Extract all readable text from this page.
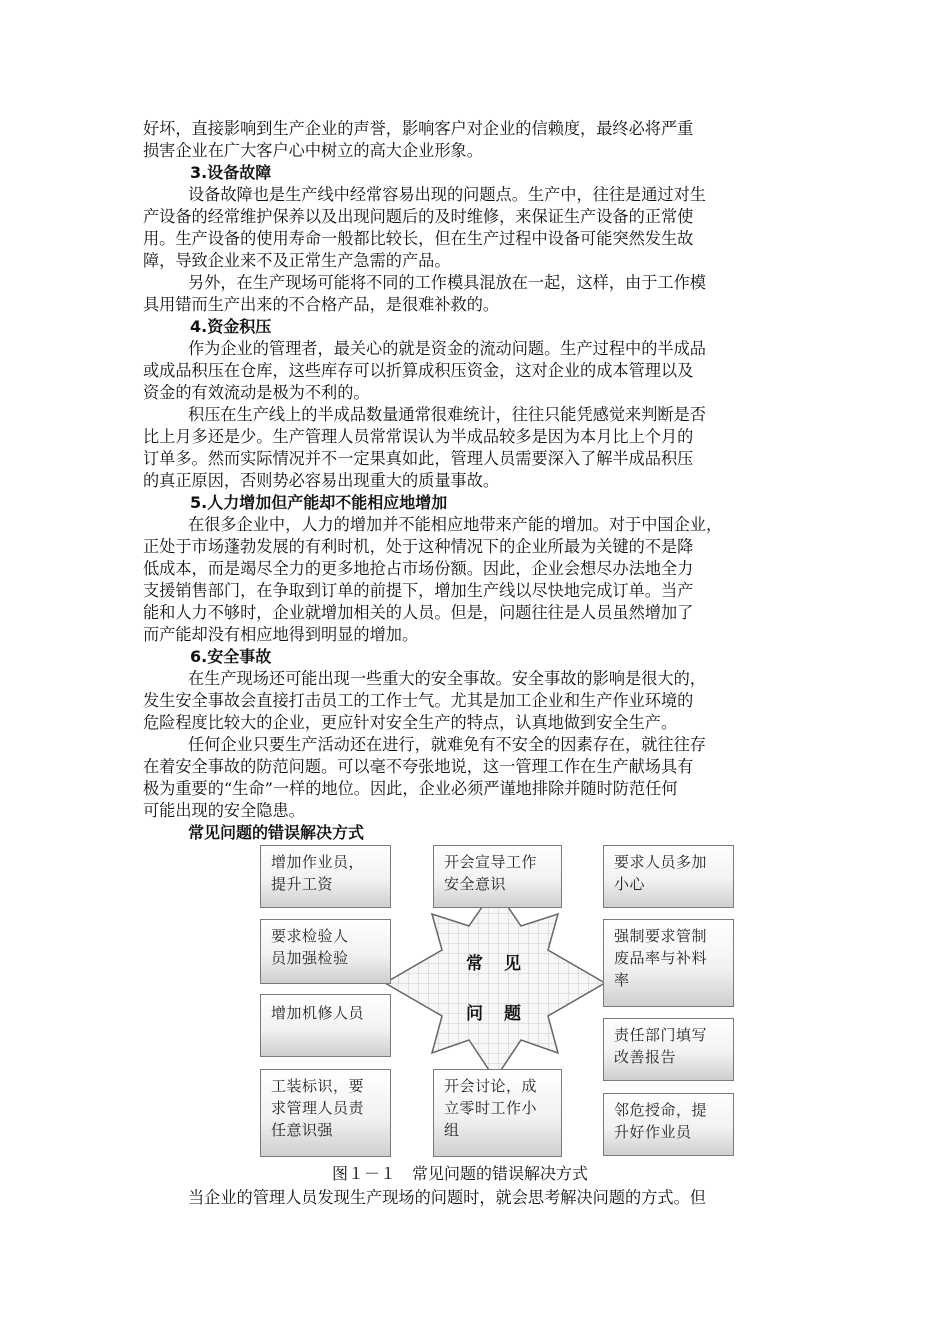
好坏，直接影响到生产企业的声誉，影响客户对企业的信赖度，最终必将严重
损害企业在广大客户心中树立的高大企业形象。
3.设备故障
设备故障也是生产线中经常容易出现的问题点。生产中，往往是通过对生
产设备的经常维护保养以及出现问题后的及时维修，来保证生产设备的正常使
用。生产设备的使用寿命一般都比较长，但在生产过程中设备可能突然发生故
障，导致企业来不及正常生产急需的产品。
另外，在生产现场可能将不同的工作模具混放在一起，这样，由于工作模
具用错而生产出来的不合格产品，是很难补救的。
4.资金积压
作为企业的管理者，最关心的就是资金的流动问题。生产过程中的半成品
或成品积压在仓库，这些库存可以折算成积压资金，这对企业的成本管理以及
资金的有效流动是极为不利的。
积压在生产线上的半成品数量通常很难统计，往往只能凭感觉来判断是否
比上月多还是少。生产管理人员常常误认为半成品较多是因为本月比上个月的
订单多。然而实际情况并不一定果真如此，管理人员需要深入了解半成品积压
的真正原因，否则势必容易出现重大的质量事故。
5.人力增加但产能却不能相应地增加
在很多企业中，人力的增加并不能相应地带来产能的增加。对于中国企业，
正处于市场蓬勃发展的有利时机，处于这种情况下的企业所最为关键的不是降
低成本，而是竭尽全力的更多地抢占市场份额。因此，企业会想尽办法地全力
支援销售部门，在争取到订单的前提下，增加生产线以尽快地完成订单。当产
能和人力不够时，企业就增加相关的人员。但是，问题往往是人员虽然增加了
而产能却没有相应地得到明显的增加。
6.安全事故
在生产现场还可能出现一些重大的安全事故。安全事故的影响是很大的，
发生安全事故会直接打击员工的工作士气。尤其是加工企业和生产作业环境的
危险程度比较大的企业，更应针对安全生产的特点，认真地做到安全生产。
任何企业只要生产活动还在进行，就难免有不安全的因素存在，就往往存
在着安全事故的防范问题。可以毫不夸张地说，这一管理工作在生产献场具有
极为重要的“生命”一样的地位。因此，企业必须严谨地排除并随时防范任何
可能出现的安全隐患。
常见问题的错误解决方式
常 见
问 题
增加作业员，
提升工资
开会宣导工作
安全意识
要求人员多加
小心
要求检验人
员加强检验
强制要求管制
废品率与补料
率
增加机修人员
责任部门填写
改善报告
工装标识，要
求管理人员责
任意识强
开会讨论，成
立零时工作小
组
邻危授命，提
升好作业员
图１－１　常见问题的错误解决方式
当企业的管理人员发现生产现场的问题时，就会思考解决问题的方式。但
